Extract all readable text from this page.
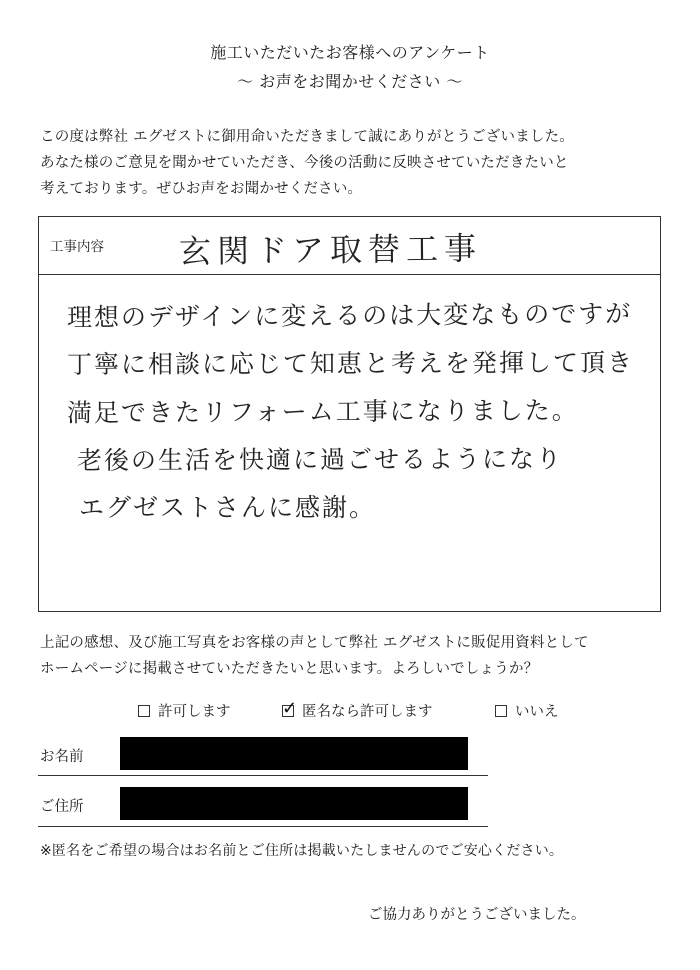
施工いただいたお客様へのアンケート
～ お声をお聞かせください ～
この度は弊社 エグゼストに御用命いただきまして誠にありがとうございました。
あなた様のご意見を聞かせていただき、今後の活動に反映させていただきたいと
考えております。ぜひお声をお聞かせください。
工事内容 玄関ドア取替工事
理想のデザインに変えるのは大変なものですが
丁寧に相談に応じて知恵と考えを発揮して頂き
満足できたリフォーム工事になりました。
老後の生活を快適に過ごせるようになり
エグゼストさんに感謝。
上記の感想、及び施工写真をお客様の声として弊社 エグゼストに販促用資料として
ホームページに掲載させていただきたいと思います。よろしいでしょうか？
許可します	✓ 匿名なら許可します	いいえ
お名前
ご住所
※匿名をご希望の場合はお名前とご住所は掲載いたしませんのでご安心ください。
ご協力ありがとうございました。
